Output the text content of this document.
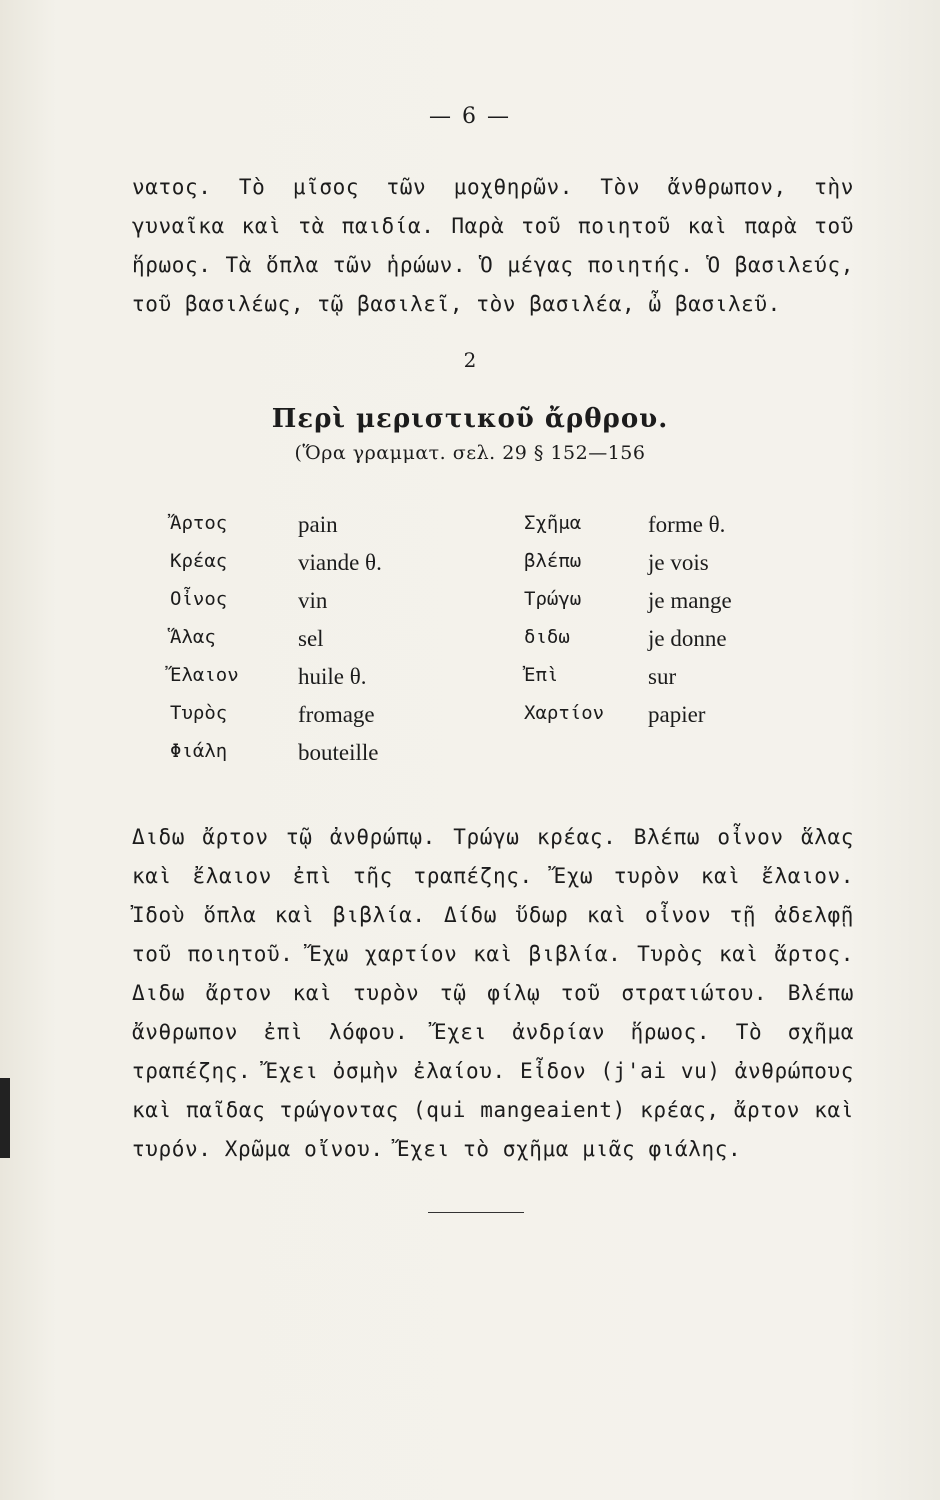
— 6 —
νατος. Τὸ μῖσος τῶν μοχθηρῶν. Τὸν ἄνθρωπον, τὴν γυναῖκα καὶ τὰ παιδία. Παρὰ τοῦ ποιητοῦ καὶ παρὰ τοῦ ἥρωος. Τὰ ὅπλα τῶν ἡρώων. Ὁ μέγας ποιητής. Ὁ βασιλεύς, τοῦ βασιλέως, τῷ βασιλεῖ, τὸν βασιλέα, ὦ βασιλεῦ.
2
Περὶ μεριστικοῦ ἄρθρου.
(Ὅρα γραμματ. σελ. 29 § 152—156
Ἄρτος	pain	Σχῆμα	forme θ.
Κρέας	viande θ.	βλέπω	je vois
Οἶνος	vin	Τρώγω	je mange
Ἅλας	sel	διδω	je donne
Ἔλαιον	huile θ.	Ἐπὶ	sur
Τυρὸς	fromage	Χαρτίον papier
Φιάλη	bouteille
Διδω ἄρτον τῷ ἀνθρώπῳ. Τρώγω κρέας. Βλέπω οἶνον ἅλας καὶ ἔλαιον ἐπὶ τῆς τραπέζης. Ἔχω τυρὸν καὶ ἔλαιον. Ἰδοὺ ὅπλα καὶ βιβλία. Δίδω ὕδωρ καὶ οἶνον τῇ ἀδελφῇ τοῦ ποιητοῦ. Ἔχω χαρτίον καὶ βιβλία. Τυρὸς καὶ ἄρτος. Διδω ἄρτον καὶ τυρὸν τῷ φίλῳ τοῦ στρατιώτου. Βλέπω ἄνθρωπον ἐπὶ λόφου. Ἔχει ἀνδρίαν ἥρωος. Τὸ σχῆμα τραπέζης. Ἔχει ὀσμὴν ἐλαίου. Εἶδον (j'ai vu) ἀνθρώπους καὶ παῖδας τρώγοντας (qui mangeaient) κρέας, ἄρτον καὶ τυρόν. Χρῶμα οἴνου. Ἔχει τὸ σχῆμα μιᾶς φιάλης.
